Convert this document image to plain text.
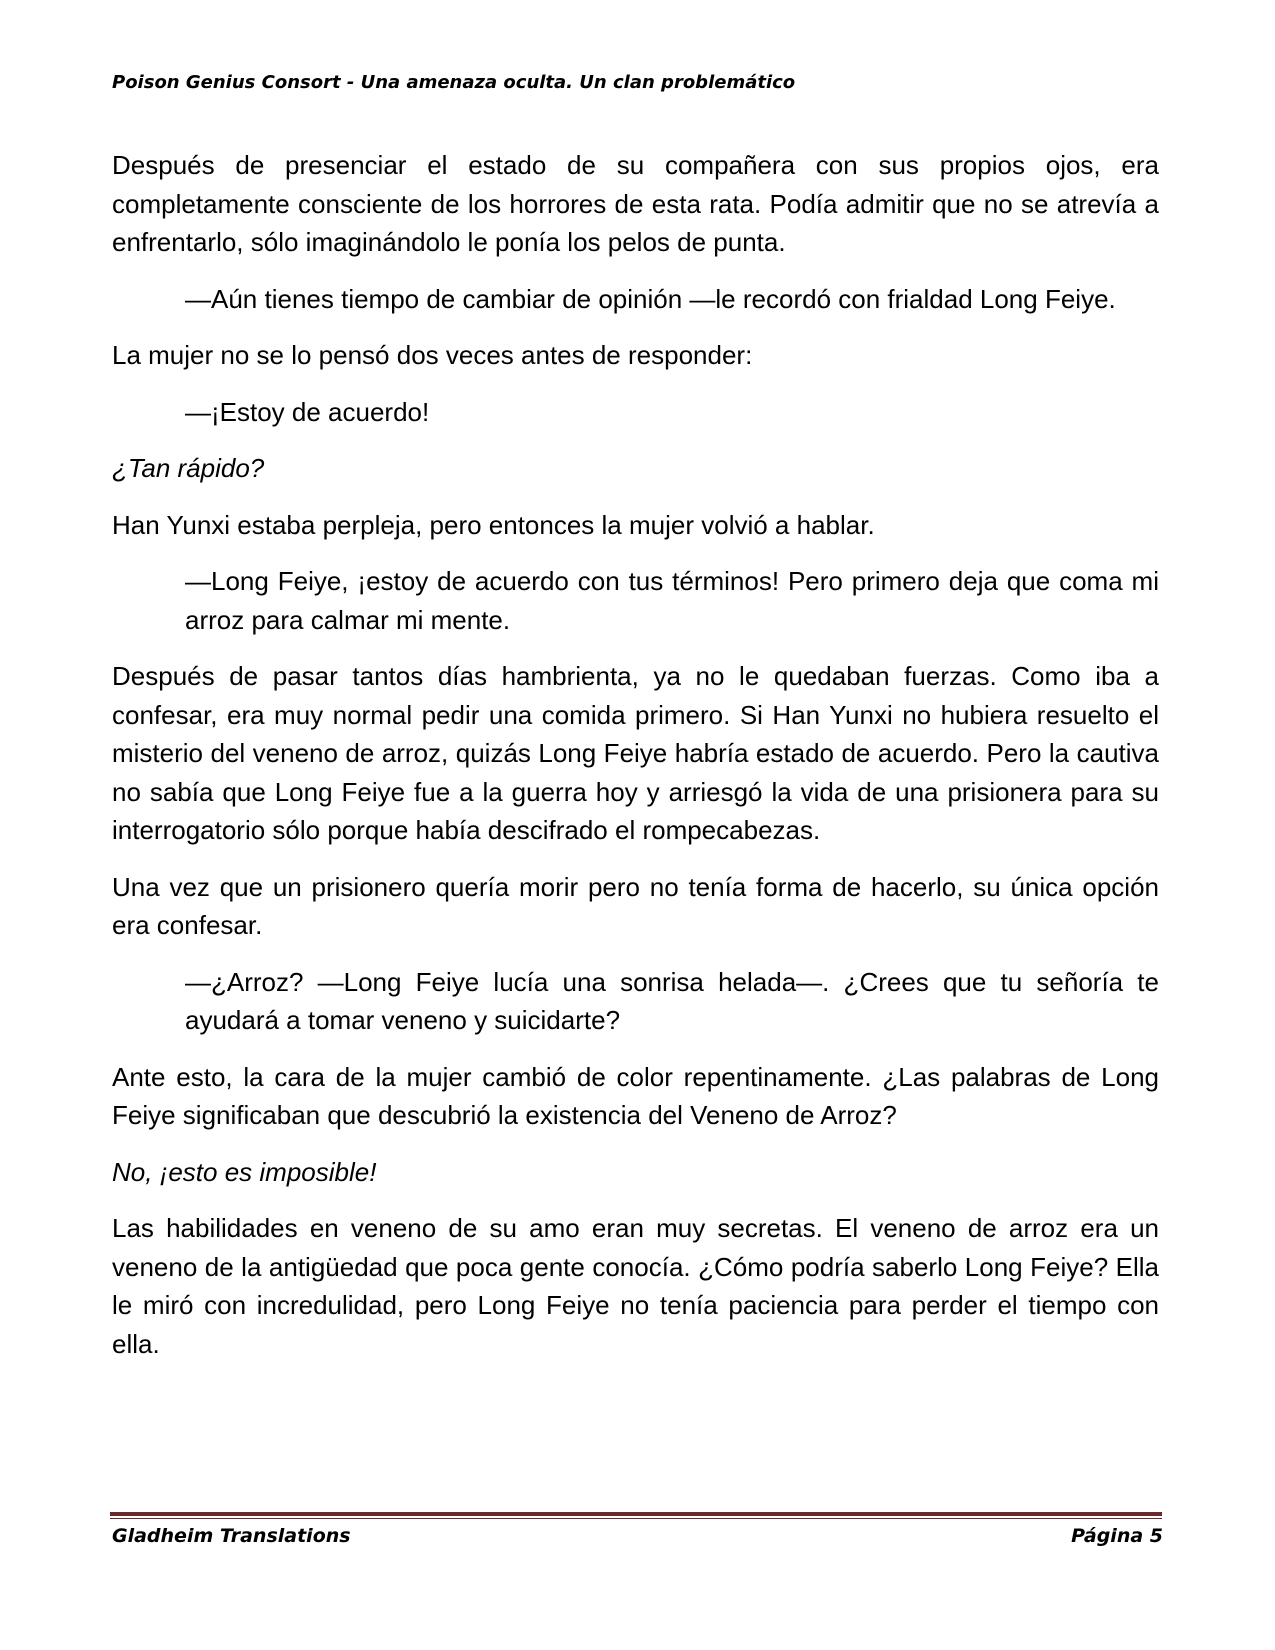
Poison Genius Consort - Una amenaza oculta. Un clan problemático

Después de presenciar el estado de su compañera con sus propios ojos, era completamente consciente de los horrores de esta rata. Podía admitir que no se atrevía a enfrentarlo, sólo imaginándolo le ponía los pelos de punta.

—Aún tienes tiempo de cambiar de opinión —le recordó con frialdad Long Feiye.

La mujer no se lo pensó dos veces antes de responder:

—¡Estoy de acuerdo!

¿Tan rápido?

Han Yunxi estaba perpleja, pero entonces la mujer volvió a hablar.

—Long Feiye, ¡estoy de acuerdo con tus términos! Pero primero deja que coma mi arroz para calmar mi mente.

Después de pasar tantos días hambrienta, ya no le quedaban fuerzas. Como iba a confesar, era muy normal pedir una comida primero. Si Han Yunxi no hubiera resuelto el misterio del veneno de arroz, quizás Long Feiye habría estado de acuerdo. Pero la cautiva no sabía que Long Feiye fue a la guerra hoy y arriesgó la vida de una prisionera para su interrogatorio sólo porque había descifrado el rompecabezas.

Una vez que un prisionero quería morir pero no tenía forma de hacerlo, su única opción era confesar.

—¿Arroz? —Long Feiye lucía una sonrisa helada—. ¿Crees que tu señoría te ayudará a tomar veneno y suicidarte?

Ante esto, la cara de la mujer cambió de color repentinamente. ¿Las palabras de Long Feiye significaban que descubrió la existencia del Veneno de Arroz?

No, ¡esto es imposible!

Las habilidades en veneno de su amo eran muy secretas. El veneno de arroz era un veneno de la antigüedad que poca gente conocía. ¿Cómo podría saberlo Long Feiye? Ella le miró con incredulidad, pero Long Feiye no tenía paciencia para perder el tiempo con ella.

Gladheim Translations	Página 5
